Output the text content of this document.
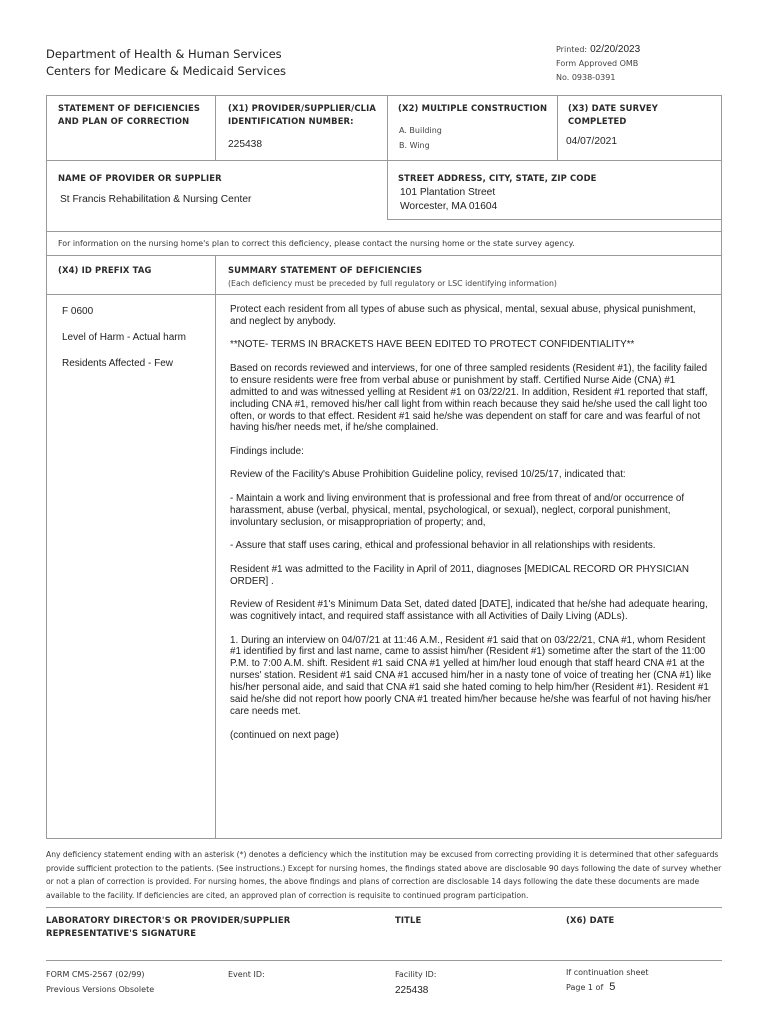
Department of Health & Human Services
Centers for Medicare & Medicaid Services
Printed: 02/20/2023
Form Approved OMB
No. 0938-0391
STATEMENT OF DEFICIENCIES
AND PLAN OF CORRECTION
(X1) PROVIDER/SUPPLIER/CLIA
IDENTIFICATION NUMBER:
225438
(X2) MULTIPLE CONSTRUCTION
A. Building
B. Wing
(X3) DATE SURVEY
COMPLETED
04/07/2021
NAME OF PROVIDER OR SUPPLIER
St Francis Rehabilitation & Nursing Center
STREET ADDRESS, CITY, STATE, ZIP CODE
101 Plantation Street
Worcester, MA 01604
For information on the nursing home's plan to correct this deficiency, please contact the nursing home or the state survey agency.
(X4) ID PREFIX TAG	SUMMARY STATEMENT OF DEFICIENCIES
(Each deficiency must be preceded by full regulatory or LSC identifying information)

F 0600

Level of Harm - Actual harm

Residents Affected - Few

Protect each resident from all types of abuse such as physical, mental, sexual abuse, physical punishment, and neglect by anybody.

**NOTE- TERMS IN BRACKETS HAVE BEEN EDITED TO PROTECT CONFIDENTIALITY**

Based on records reviewed and interviews, for one of three sampled residents (Resident #1), the facility failed to ensure residents were free from verbal abuse or punishment by staff. Certified Nurse Aide (CNA) #1 admitted to and was witnessed yelling at Resident #1 on 03/22/21. In addition, Resident #1 reported that staff, including CNA #1, removed his/her call light from within reach because they said he/she used the call light too often, or words to that effect. Resident #1 said he/she was dependent on staff for care and was fearful of not having his/her needs met, if he/she complained.

Findings include:

Review of the Facility's Abuse Prohibition Guideline policy, revised 10/25/17, indicated that:

- Maintain a work and living environment that is professional and free from threat of and/or occurrence of harassment, abuse (verbal, physical, mental, psychological, or sexual), neglect, corporal punishment, involuntary seclusion, or misappropriation of property; and,

- Assure that staff uses caring, ethical and professional behavior in all relationships with residents.

Resident #1 was admitted to the Facility in April of 2011, diagnoses [MEDICAL RECORD OR PHYSICIAN ORDER] .

Review of Resident #1's Minimum Data Set, dated dated [DATE], indicated that he/she had adequate hearing, was cognitively intact, and required staff assistance with all Activities of Daily Living (ADLs).

1. During an interview on 04/07/21 at 11:46 A.M., Resident #1 said that on 03/22/21, CNA #1, whom Resident #1 identified by first and last name, came to assist him/her (Resident #1) sometime after the start of the 11:00 P.M. to 7:00 A.M. shift. Resident #1 said CNA #1 yelled at him/her loud enough that staff heard CNA #1 at the nurses' station. Resident #1 said CNA #1 accused him/her in a nasty tone of voice of treating her (CNA #1) like his/her personal aide, and said that CNA #1 said she hated coming to help him/her (Resident #1). Resident #1 said he/she did not report how poorly CNA #1 treated him/her because he/she was fearful of not having his/her care needs met.

(continued on next page)

Any deficiency statement ending with an asterisk (*) denotes a deficiency which the institution may be excused from correcting providing it is determined that other safeguards provide sufficient protection to the patients. (See instructions.) Except for nursing homes, the findings stated above are disclosable 90 days following the date of survey whether or not a plan of correction is provided. For nursing homes, the above findings and plans of correction are disclosable 14 days following the date these documents are made available to the facility. If deficiencies are cited, an approved plan of correction is requisite to continued program participation.
LABORATORY DIRECTOR'S OR PROVIDER/SUPPLIER
REPRESENTATIVE'S SIGNATURE
TITLE	(X6) DATE
FORM CMS-2567 (02/99)
Previous Versions Obsolete
Event ID:	Facility ID:
225438
If continuation sheet
Page 1 of 5
